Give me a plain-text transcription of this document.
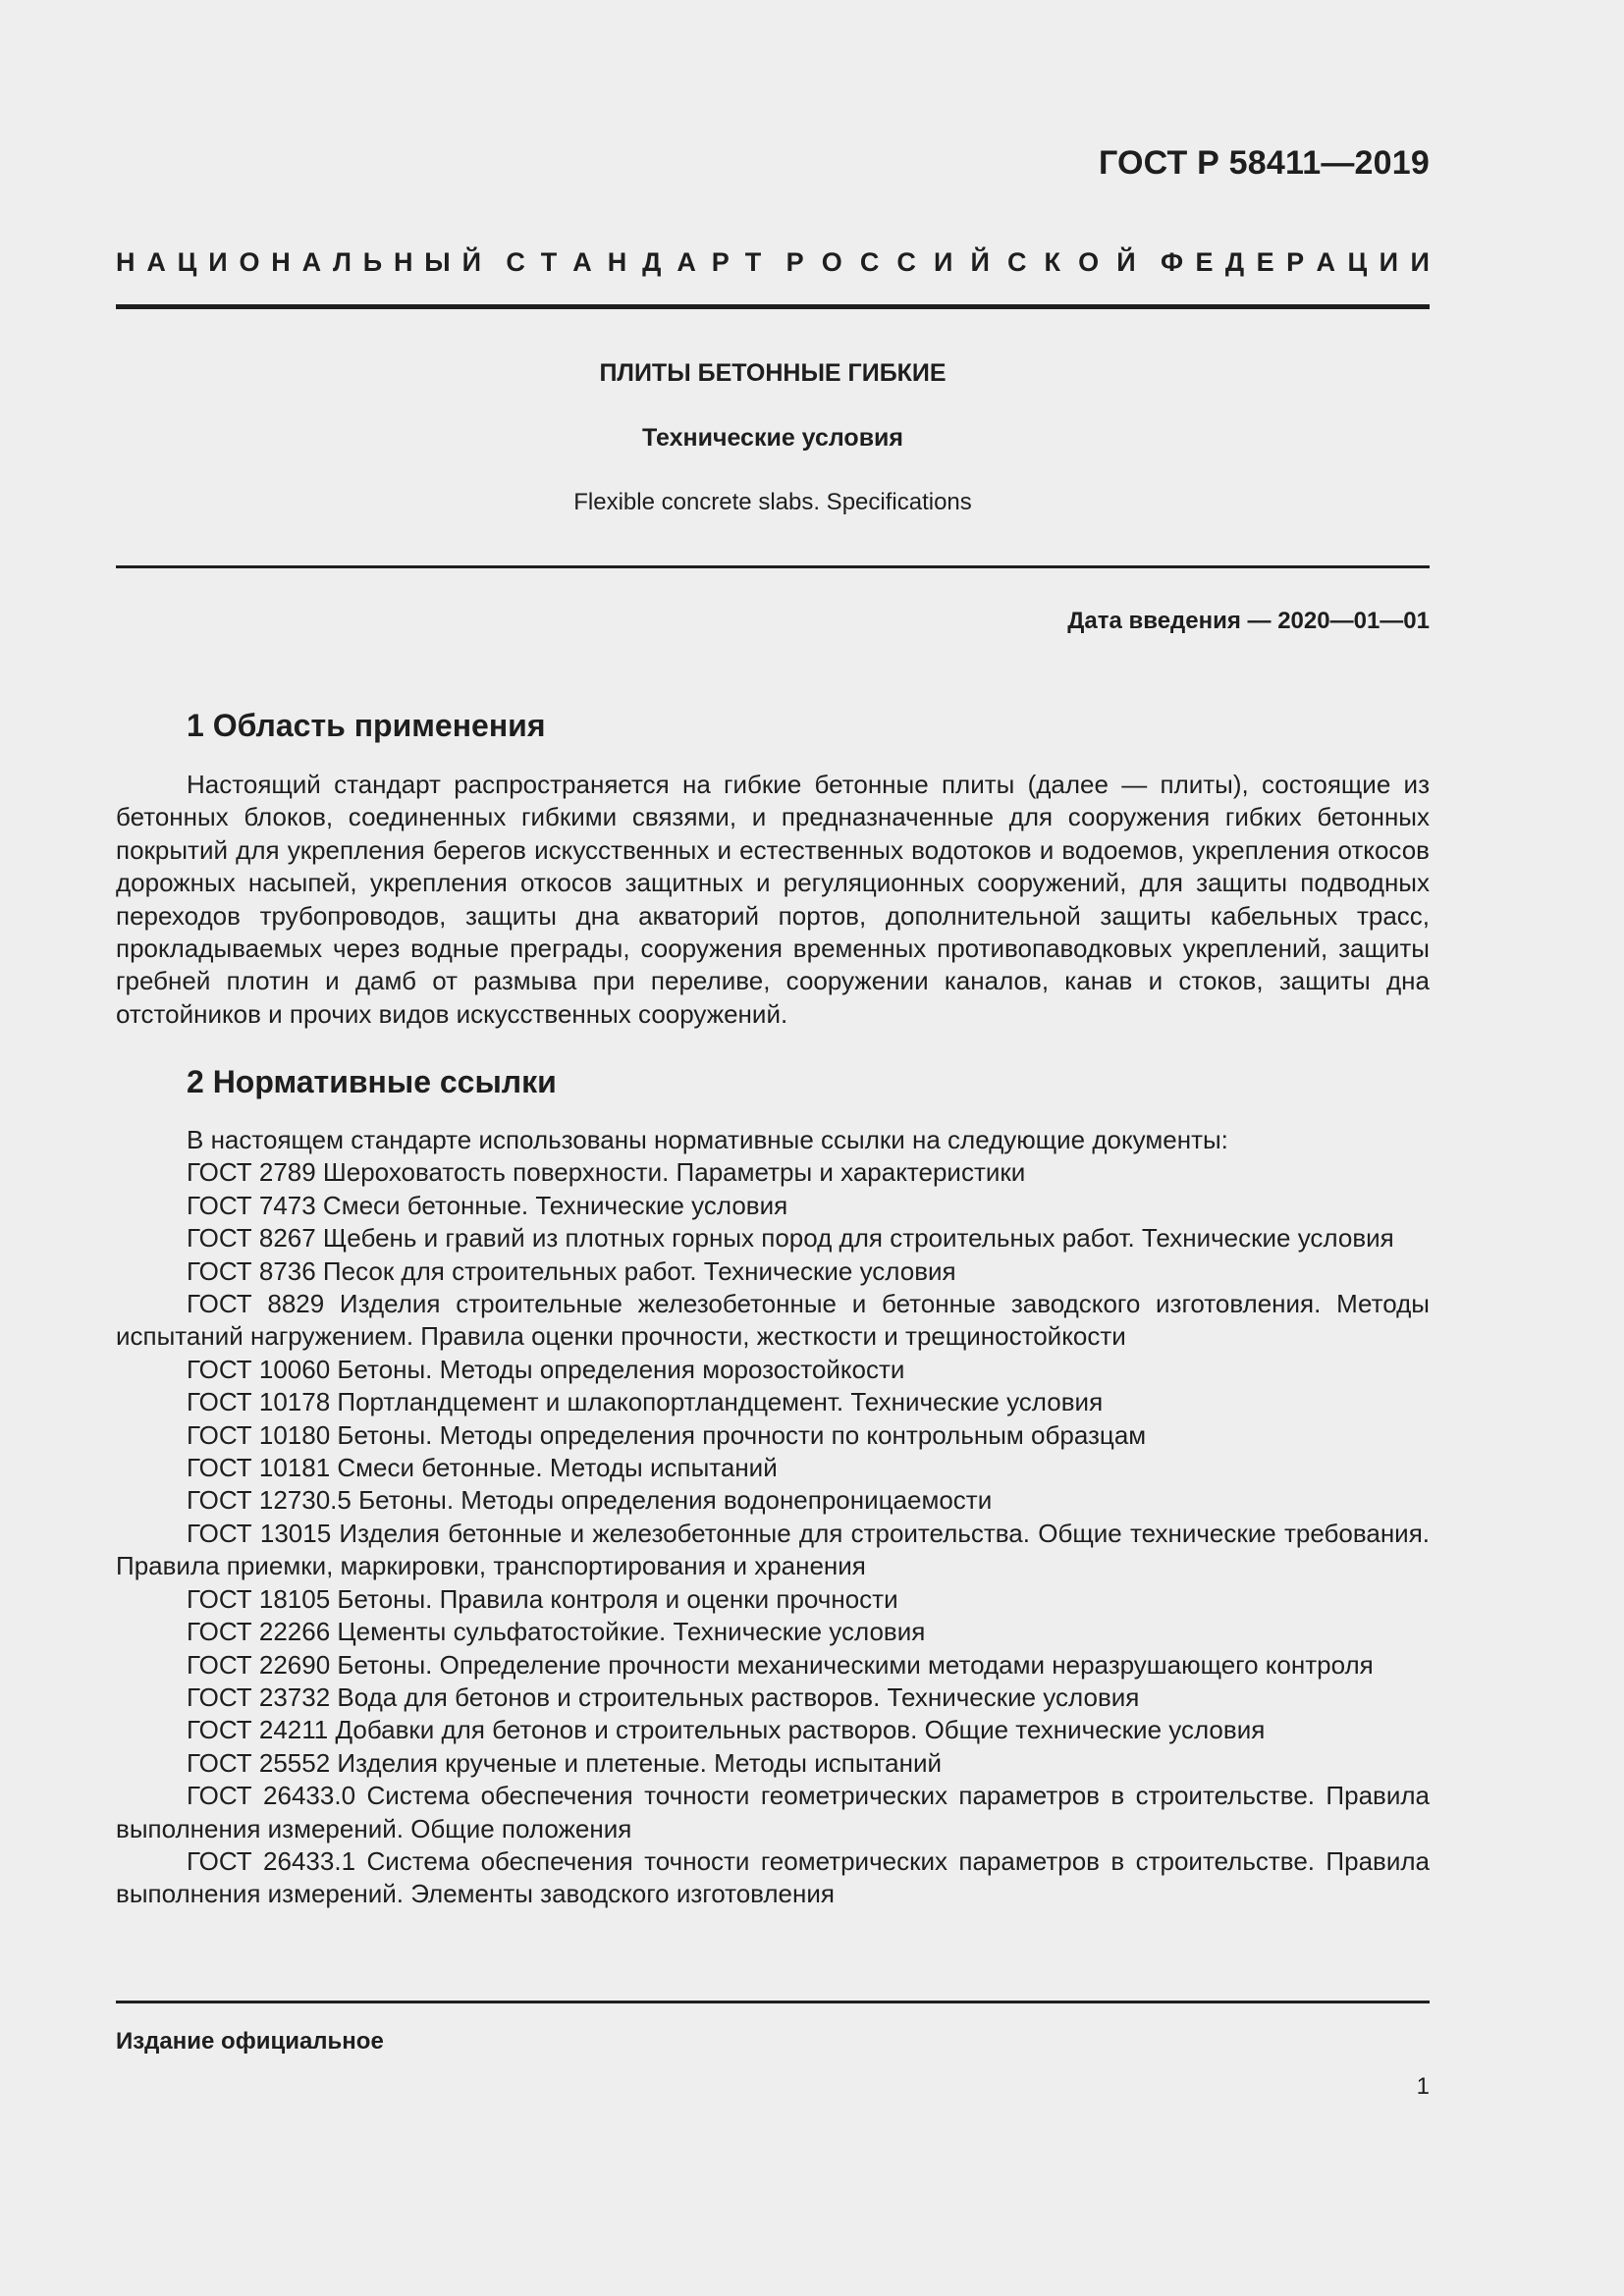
ГОСТ Р 58411—2019
Н А Ц И О Н А Л Ь Н Ы Й С Т А Н Д А Р Т Р О С С И Й С К О Й Ф Е Д Е Р А Ц И И
ПЛИТЫ БЕТОННЫЕ ГИБКИЕ
Технические условия
Flexible concrete slabs. Specifications
Дата введения — 2020—01—01
1 Область применения

Настоящий стандарт распространяется на гибкие бетонные плиты (далее — плиты), состоящие из бетонных блоков, соединенных гибкими связями, и предназначенные для сооружения гибких бетонных покрытий для укрепления берегов искусственных и естественных водотоков и водоемов, укрепления откосов дорожных насыпей, укрепления откосов защитных и регуляционных сооружений, для защиты подводных переходов трубопроводов, защиты дна акваторий портов, дополнительной защиты кабельных трасс, прокладываемых через водные преграды, сооружения временных противопаводковых укреплений, защиты гребней плотин и дамб от размыва при переливе, сооружении каналов, канав и стоков, защиты дна отстойников и прочих видов искусственных сооружений.

2 Нормативные ссылки

В настоящем стандарте использованы нормативные ссылки на следующие документы:

ГОСТ 2789 Шероховатость поверхности. Параметры и характеристики

ГОСТ 7473 Смеси бетонные. Технические условия

ГОСТ 8267 Щебень и гравий из плотных горных пород для строительных работ. Технические условия

ГОСТ 8736 Песок для строительных работ. Технические условия

ГОСТ 8829 Изделия строительные железобетонные и бетонные заводского изготовления. Методы испытаний нагружением. Правила оценки прочности, жесткости и трещиностойкости

ГОСТ 10060 Бетоны. Методы определения морозостойкости

ГОСТ 10178 Портландцемент и шлакопортландцемент. Технические условия

ГОСТ 10180 Бетоны. Методы определения прочности по контрольным образцам

ГОСТ 10181 Смеси бетонные. Методы испытаний

ГОСТ 12730.5 Бетоны. Методы определения водонепроницаемости

ГОСТ 13015 Изделия бетонные и железобетонные для строительства. Общие технические требования. Правила приемки, маркировки, транспортирования и хранения

ГОСТ 18105 Бетоны. Правила контроля и оценки прочности

ГОСТ 22266 Цементы сульфатостойкие. Технические условия

ГОСТ 22690 Бетоны. Определение прочности механическими методами неразрушающего контроля

ГОСТ 23732 Вода для бетонов и строительных растворов. Технические условия

ГОСТ 24211 Добавки для бетонов и строительных растворов. Общие технические условия

ГОСТ 25552 Изделия крученые и плетеные. Методы испытаний

ГОСТ 26433.0 Система обеспечения точности геометрических параметров в строительстве. Правила выполнения измерений. Общие положения

ГОСТ 26433.1 Система обеспечения точности геометрических параметров в строительстве. Правила выполнения измерений. Элементы заводского изготовления

Издание официальное
1
